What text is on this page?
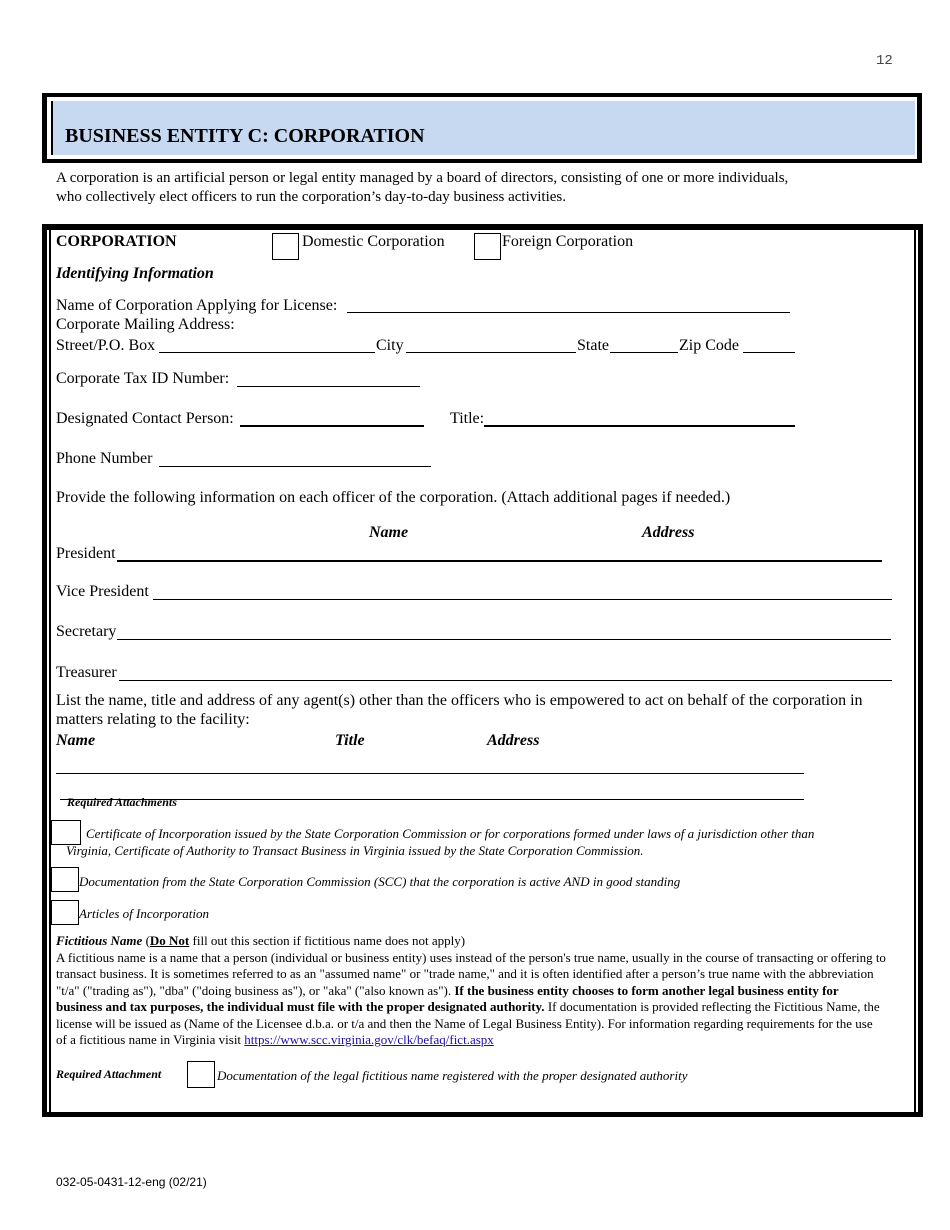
12
BUSINESS ENTITY C: CORPORATION
A corporation is an artificial person or legal entity managed by a board of directors, consisting of one or more individuals, who collectively elect officers to run the corporation’s day-to-day business activities.
CORPORATION	Domestic Corporation	Foreign Corporation
Identifying Information
Name of Corporation Applying for License:
Corporate Mailing Address:
Street/P.O. Box	City	State	Zip Code
Corporate Tax ID Number:
Designated Contact Person:	Title:
Phone Number
Provide the following information on each officer of the corporation. (Attach additional pages if needed.)
Name	Address
President
Vice President
Secretary
Treasurer
List the name, title and address of any agent(s) other than the officers who is empowered to act on behalf of the corporation in matters relating to the facility:
Name	Title	Address
Required Attachments
Certificate of Incorporation issued by the State Corporation Commission or for corporations formed under laws of a jurisdiction other than Virginia, Certificate of Authority to Transact Business in Virginia issued by the State Corporation Commission.
Documentation from the State Corporation Commission (SCC) that the corporation is active AND in good standing
Articles of Incorporation
Fictitious Name (Do Not fill out this section if fictitious name does not apply)
A fictitious name is a name that a person (individual or business entity) uses instead of the person's true name, usually in the course of transacting or offering to transact business. It is sometimes referred to as an "assumed name" or "trade name," and it is often identified after a person’s true name with the abbreviation "t/a" ("trading as"), "dba" ("doing business as"), or "aka" ("also known as"). If the business entity chooses to form another legal business entity for business and tax purposes, the individual must file with the proper designated authority. If documentation is provided reflecting the Fictitious Name, the license will be issued as (Name of the Licensee d.b.a. or t/a and then the Name of Legal Business Entity). For information regarding requirements for the use of a fictitious name in Virginia visit https://www.scc.virginia.gov/clk/befaq/fict.aspx
Required Attachment	Documentation of the legal fictitious name registered with the proper designated authority
032-05-0431-12-eng (02/21)
